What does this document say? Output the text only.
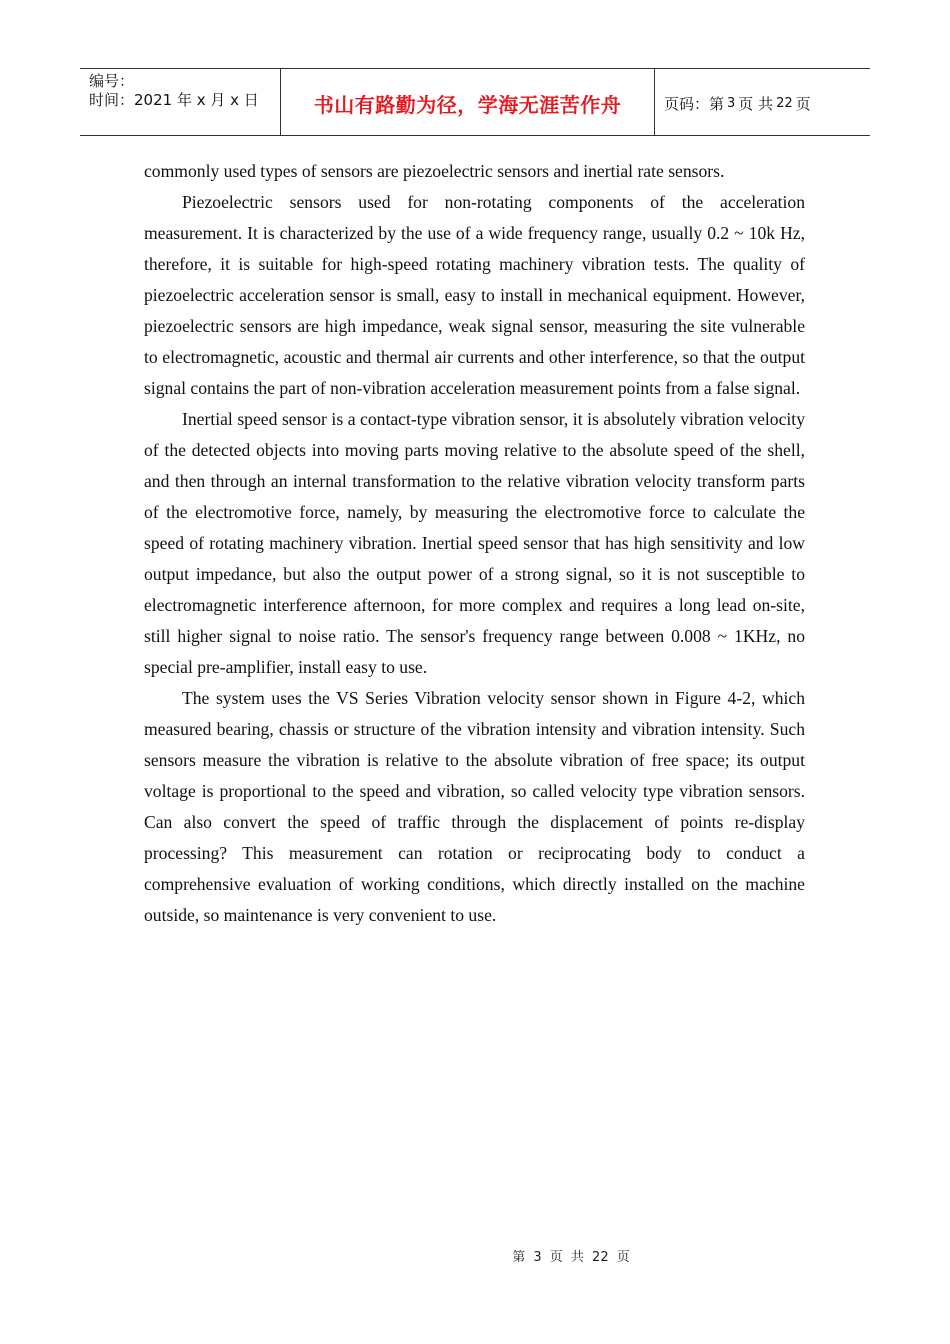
编号：
时间：2021 年 x 月 x 日	书山有路勤为径，学海无涯苦作舟	页码：第 3 页 共 22 页

commonly used types of sensors are piezoelectric sensors and inertial rate sensors.

Piezoelectric sensors used for non-rotating components of the acceleration measurement. It is characterized by the use of a wide frequency range, usually 0.2 ~ 10k Hz, therefore, it is suitable for high-speed rotating machinery vibration tests. The quality of piezoelectric acceleration sensor is small, easy to install in mechanical equipment. However, piezoelectric sensors are high impedance, weak signal sensor, measuring the site vulnerable to electromagnetic, acoustic and thermal air currents and other interference, so that the output signal contains the part of non-vibration acceleration measurement points from a false signal.

Inertial speed sensor is a contact-type vibration sensor, it is absolutely vibration velocity of the detected objects into moving parts moving relative to the absolute speed of the shell, and then through an internal transformation to the relative vibration velocity transform parts of the electromotive force, namely, by measuring the electromotive force to calculate the speed of rotating machinery vibration. Inertial speed sensor that has high sensitivity and low output impedance, but also the output power of a strong signal, so it is not susceptible to electromagnetic interference afternoon, for more complex and requires a long lead on-site, still higher signal to noise ratio. The sensor's frequency range between 0.008 ~ 1KHz, no special pre-amplifier, install easy to use.

The system uses the VS Series Vibration velocity sensor shown in Figure 4-2, which measured bearing, chassis or structure of the vibration intensity and vibration intensity. Such sensors measure the vibration is relative to the absolute vibration of free space; its output voltage is proportional to the speed and vibration, so called velocity type vibration sensors. Can also convert the speed of traffic through the displacement of points re-display processing? This measurement can rotation or reciprocating body to conduct a comprehensive evaluation of working conditions, which directly installed on the machine outside, so maintenance is very convenient to use.

第 3 页 共 22 页
